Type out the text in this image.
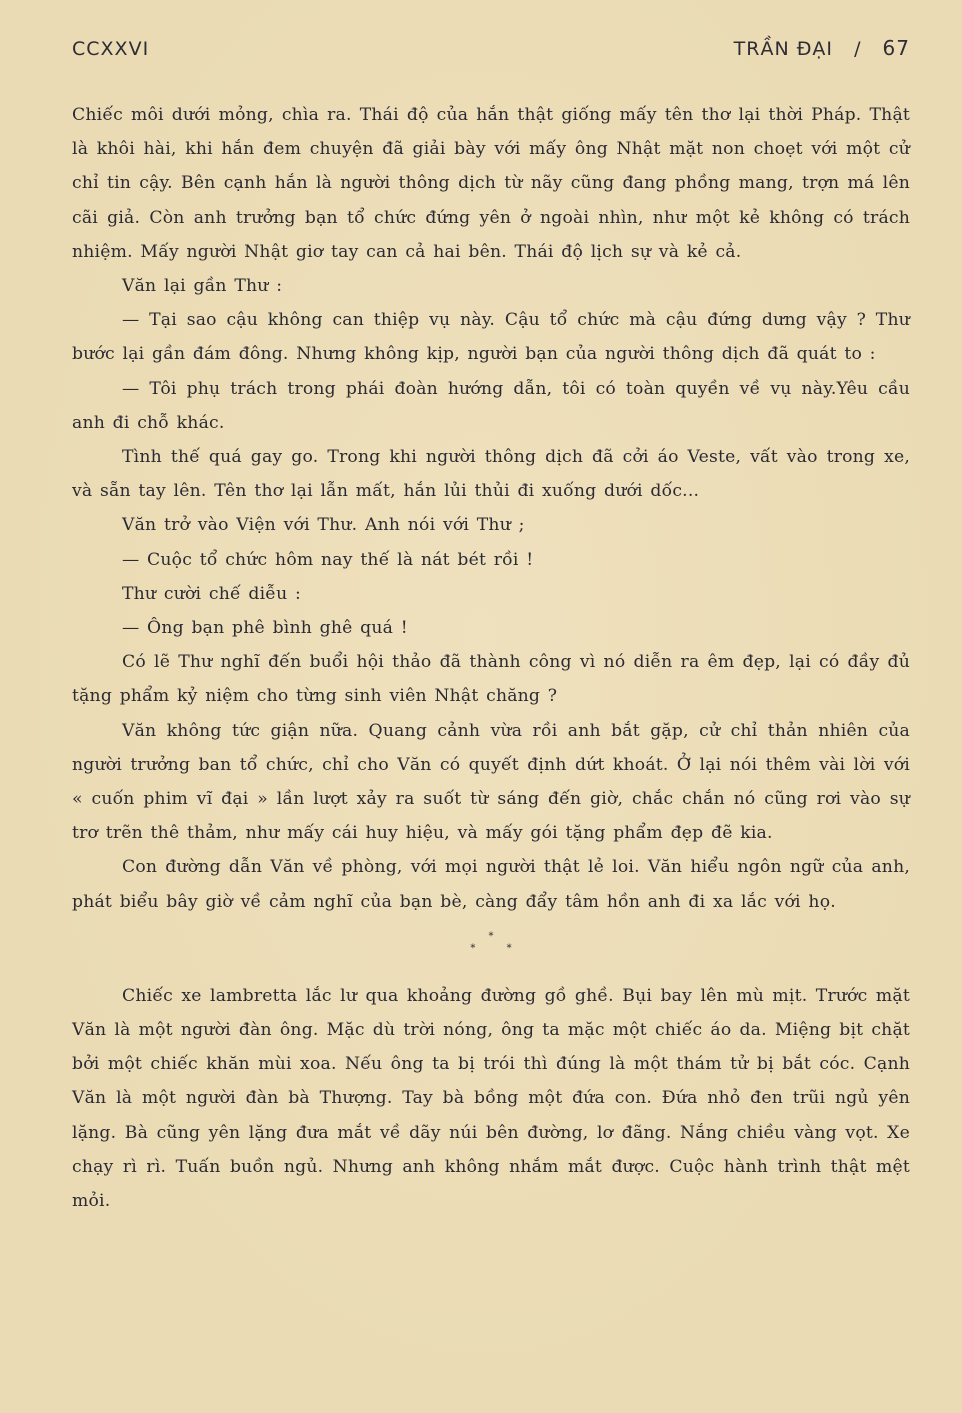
CCXXVI	TRẦN ĐẠI / 67

Chiếc môi dưới mỏng, chìa ra. Thái độ của hắn thật giống mấy tên thơ lại thời Pháp. Thật là khôi hài, khi hắn đem chuyện đã giải bày với mấy ông Nhật mặt non choẹt với một cử chỉ tin cậy. Bên cạnh hắn là người thông dịch từ nãy cũng đang phồng mang, trợn má lên cãi giả. Còn anh trưởng bạn tổ chức đứng yên ở ngoài nhìn, như một kẻ không có trách nhiệm. Mấy người Nhật giơ tay can cả hai bên. Thái độ lịch sự và kẻ cả.

Văn lại gần Thư :

— Tại sao cậu không can thiệp vụ này. Cậu tổ chức mà cậu đứng dưng vậy ? Thư bước lại gần đám đông. Nhưng không kịp, người bạn của người thông dịch đã quát to :

— Tôi phụ trách trong phái đoàn hướng dẫn, tôi có toàn quyền về vụ này.Yêu cầu anh đi chỗ khác.

Tình thế quá gay go. Trong khi người thông dịch đã cởi áo Veste, vất vào trong xe, và sẵn tay lên. Tên thơ lại lẫn mất, hắn lủi thủi đi xuống dưới dốc...

Văn trở vào Viện với Thư. Anh nói với Thư ;

— Cuộc tổ chức hôm nay thế là nát bét rồi !

Thư cười chế diễu :

— Ông bạn phê bình ghê quá !

Có lẽ Thư nghĩ đến buổi hội thảo đã thành công vì nó diễn ra êm đẹp, lại có đầy đủ tặng phẩm kỷ niệm cho từng sinh viên Nhật chăng ?

Văn không tức giận nữa. Quang cảnh vừa rồi anh bắt gặp, cử chỉ thản nhiên của người trưởng ban tổ chức, chỉ cho Văn có quyết định dứt khoát. Ở lại nói thêm vài lời với « cuốn phim vĩ đại » lần lượt xảy ra suốt từ sáng đến giờ, chắc chắn nó cũng rơi vào sự trơ trẽn thê thảm, như mấy cái huy hiệu, và mấy gói tặng phẩm đẹp đẽ kia.

Con đường dẫn Văn về phòng, với mọi người thật lẻ loi. Văn hiểu ngôn ngữ của anh, phát biểu bây giờ về cảm nghĩ của bạn bè, càng đẩy tâm hồn anh đi xa lắc với họ.

*
* *

Chiếc xe lambretta lắc lư qua khoảng đường gồ ghề. Bụi bay lên mù mịt. Trước mặt Văn là một người đàn ông. Mặc dù trời nóng, ông ta mặc một chiếc áo da. Miệng bịt chặt bởi một chiếc khăn mùi xoa. Nếu ông ta bị trói thì đúng là một thám tử bị bắt cóc. Cạnh Văn là một người đàn bà Thượng. Tay bà bồng một đứa con. Đứa nhỏ đen trũi ngủ yên lặng. Bà cũng yên lặng đưa mắt về dãy núi bên đường, lơ đãng. Nắng chiều vàng vọt. Xe chạy rì rì. Tuấn buồn ngủ. Nhưng anh không nhắm mắt được. Cuộc hành trình thật mệt mỏi.
